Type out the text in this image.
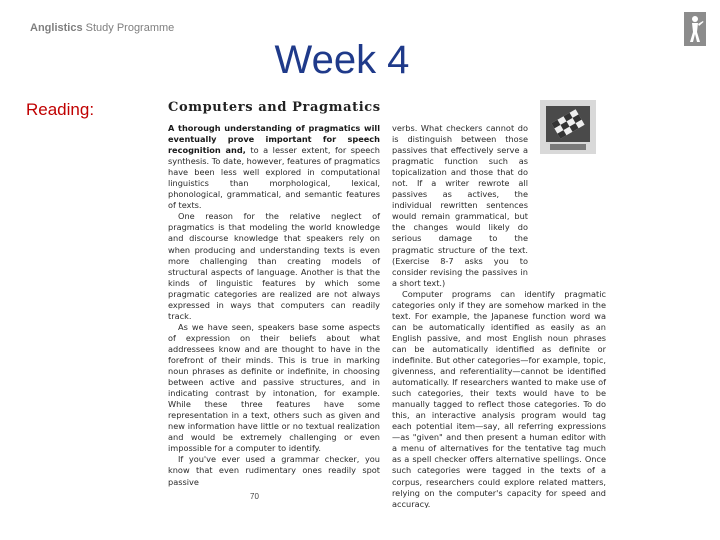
Anglistics Study Programme
Week 4
Reading:	Computers and Pragmatics

A thorough understanding of pragmatics will eventually prove important for speech recognition and, to a lesser extent, for speech synthesis. To date, however, features of pragmatics have been less well explored in computational linguistics than morphological, lexical, phonological, grammatical, and semantic features of texts.

One reason for the relative neglect of pragmatics is that modeling the world knowledge and discourse knowledge that speakers rely on when producing and understanding texts is even more challenging than creating models of structural aspects of language. Another is that the kinds of linguistic features by which some pragmatic categories are realized are not always expressed in ways that computers can readily track.

As we have seen, speakers base some aspects of expression on their beliefs about what addressees know and are thought to have in the forefront of their minds. This is true in marking noun phrases as definite or indefinite, in choosing between active and passive structures, and in indicating contrast by intonation, for example. While these three features have some representation in a text, others such as given and new information have little or no textual realization and would be extremely challenging or even impossible for a computer to identify.

If you've ever used a grammar checker, you know that even rudimentary ones readily spot passive

verbs. What checkers cannot do is distinguish between those passives that effectively serve a pragmatic function such as topicalization and those that do not. If a writer rewrote all passives as actives, the individual rewritten sentences would remain grammatical, but the changes would likely do serious damage to the pragmatic structure of the text. (Exercise 8-7 asks you to consider revising the passives in a short text.)

Computer programs can identify pragmatic categories only if they are somehow marked in the text. For example, the Japanese function word wa can be automatically identified as easily as an English passive, and most English noun phrases can be automatically identified as definite or indefinite. But other categories—for example, topic, givenness, and referentiality—cannot be identified automatically. If researchers wanted to make use of such categories, their texts would have to be manually tagged to reflect those categories. To do this, an interactive analysis program would tag each potential item—say, all referring expressions—as "given" and then present a human editor with a menu of alternatives for the tentative tag much as a spell checker offers alternative spellings. Once such categories were tagged in the texts of a corpus, researchers could explore related matters, relying on the computer's capacity for speed and accuracy.

70
